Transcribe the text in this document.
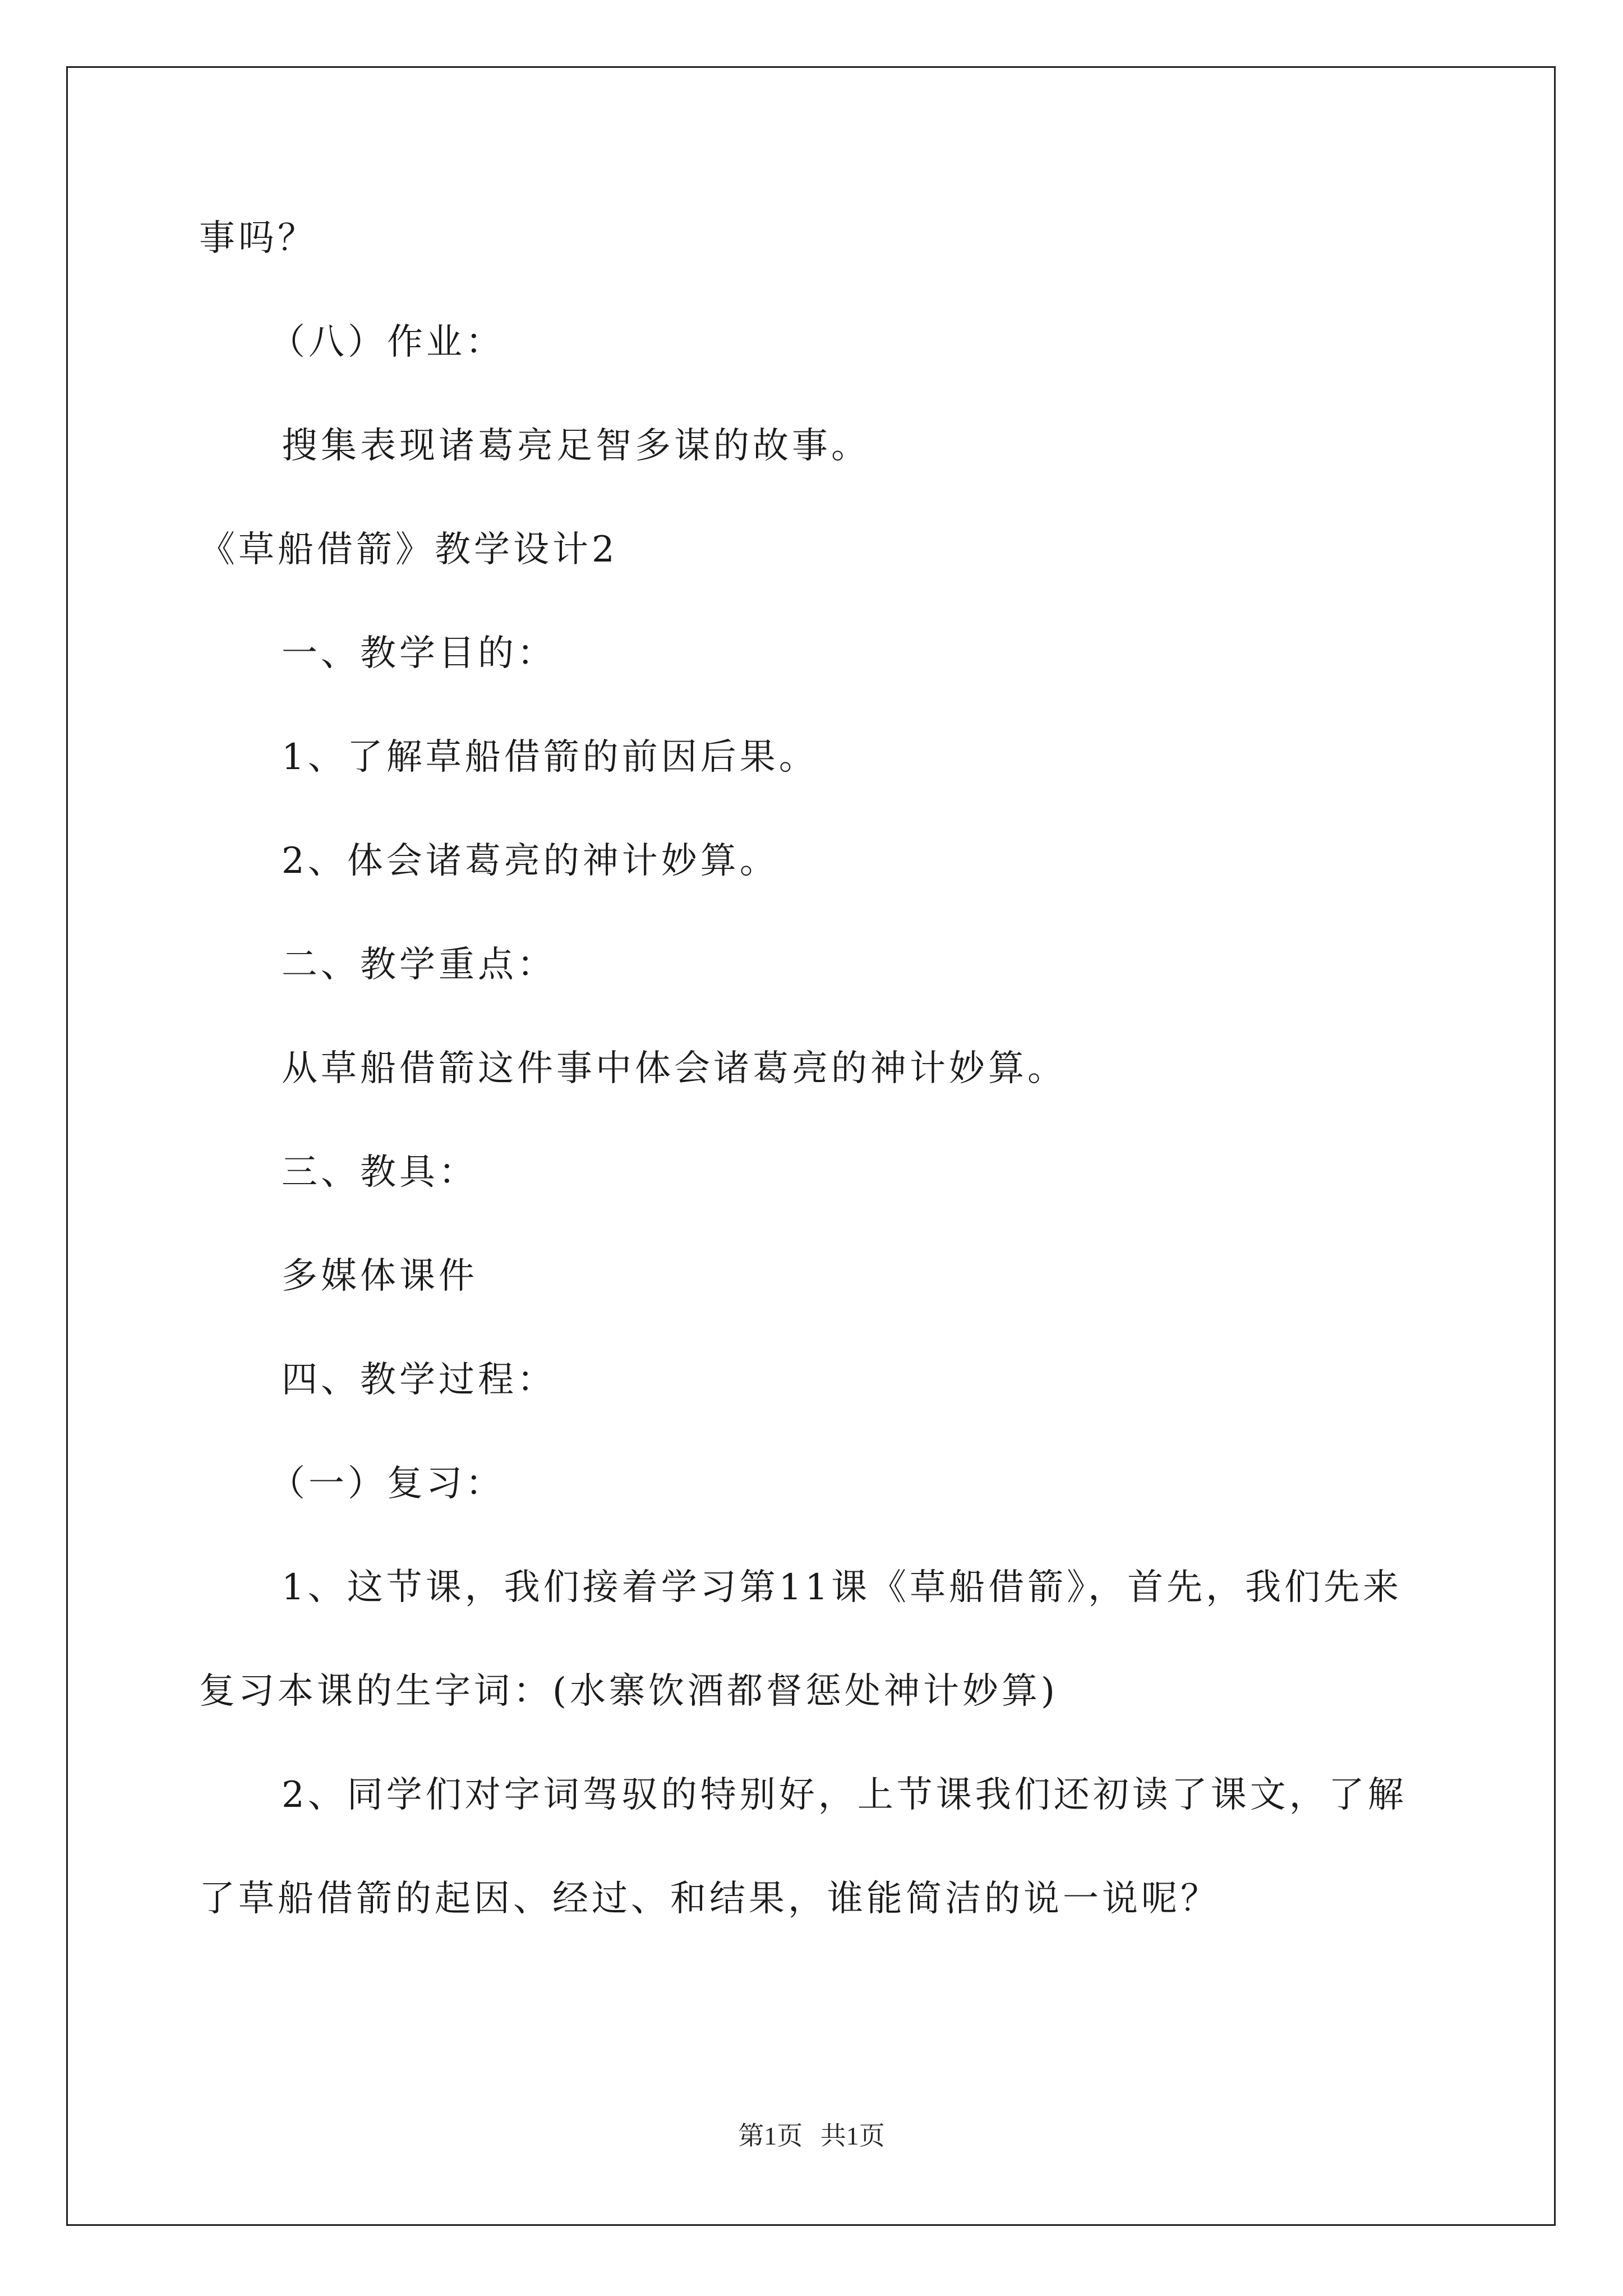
事吗？
（八）作业：
搜集表现诸葛亮足智多谋的故事。
《草船借箭》教学设计2
一、教学目的：
1、了解草船借箭的前因后果。
2、体会诸葛亮的神计妙算。
二、教学重点：
从草船借箭这件事中体会诸葛亮的神计妙算。
三、教具：
多媒体课件
四、教学过程：
（一）复习：
1、这节课，我们接着学习第11课《草船借箭》，首先，我们先来
复习本课的生字词：(水寨饮酒都督惩处神计妙算)
2、同学们对字词驾驭的特别好，上节课我们还初读了课文，了解
了草船借箭的起因、经过、和结果，谁能简洁的说一说呢？
第1页 共1页
